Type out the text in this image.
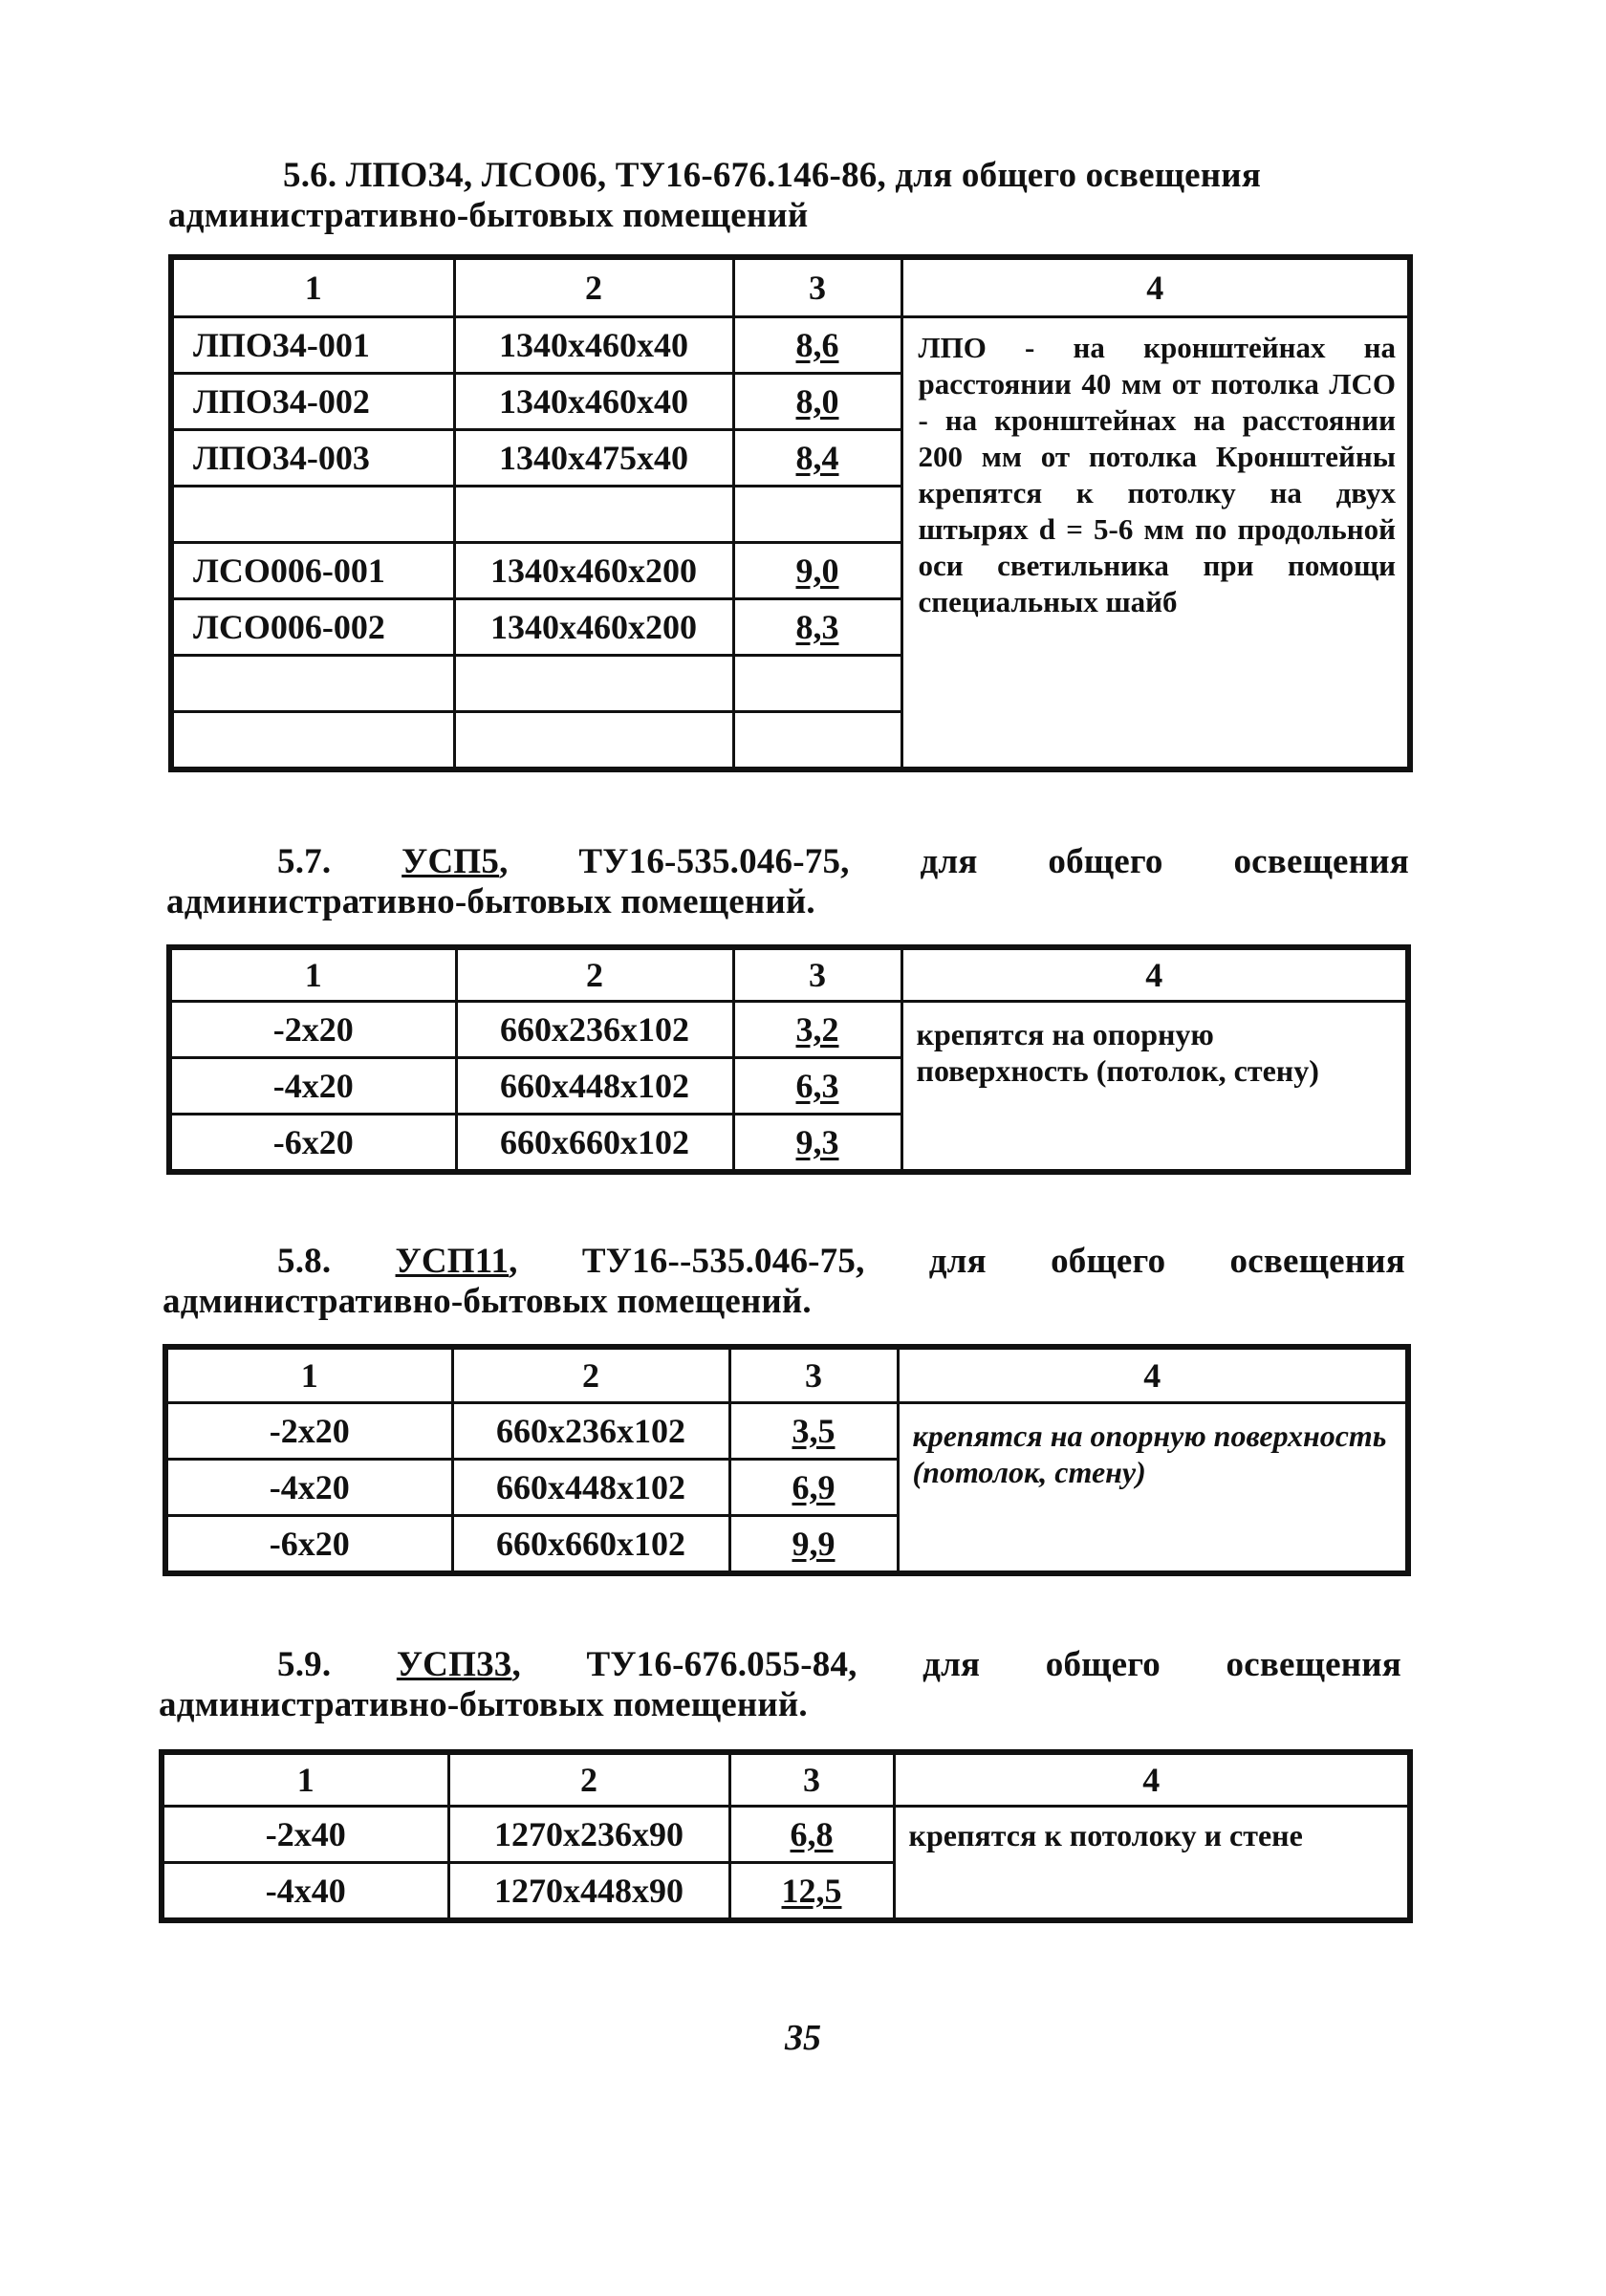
5.6. ЛПО34, ЛСО06, ТУ16-676.146-86, для общего освещения
административно-бытовых помещений
1	2	3	4
ЛПО34-001	1340x460x40	8,6	ЛПО - на кронштейнах на расстоянии 40 мм от потолка ЛСО - на кронштейнах на расстоянии 200 мм от потолка Кронштейны крепятся к потолку на двух штырях d = 5-6 мм по продольной оси светильника при помощи специальных шайб
ЛПО34-002	1340x460x40	8,0	
ЛПО34-003	1340x475x40	8,4	

ЛСО006-001	1340x460x200	9,0	
ЛСО006-002	1340x460x200	8,3	

5.7. УСП5, ТУ16-535.046-75, для общего освещения
административно-бытовых помещений.
1	2	3	4
-2x20	660x236x102	3,2	крепятся на опорную поверхность (потолок, стену)
-4x20	660x448x102	6,3	
-6x20	660x660x102	9,3	
5.8. УСП11, ТУ16--535.046-75, для общего освещения
административно-бытовых помещений.
1	2	3	4
-2x20	660x236x102	3,5	крепятся на опорную поверхность (потолок, стену)
-4x20	660x448x102	6,9	
-6x20	660x660x102	9,9	
5.9. УСП33, ТУ16-676.055-84, для общего освещения
административно-бытовых помещений.
1	2	3	4
-2x40	1270x236x90	6,8	крепятся к потолоку и стене
-4x40	1270x448x90	12,5	
35
